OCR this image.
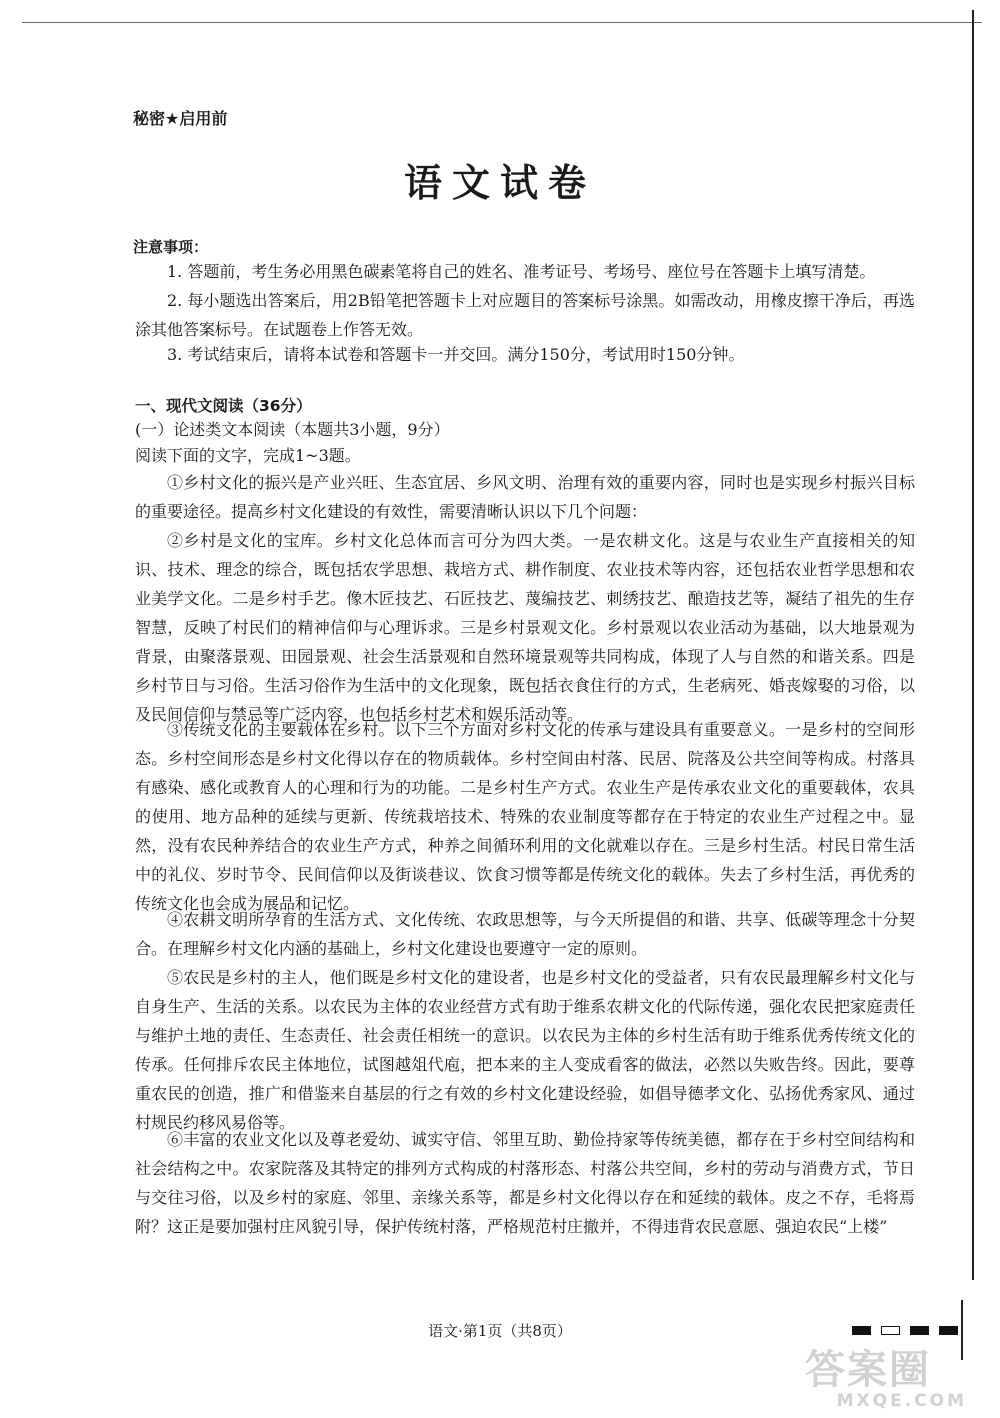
秘密★启用前
语文试卷
注意事项：

1. 答题前，考生务必用黑色碳素笔将自己的姓名、准考证号、考场号、座位号在答题卡上填写清楚。

2. 每小题选出答案后，用2B铅笔把答题卡上对应题目的答案标号涂黑。如需改动，用橡皮擦干净后，再选涂其他答案标号。在试题卷上作答无效。

3. 考试结束后，请将本试卷和答题卡一并交回。满分150分，考试用时150分钟。

一、现代文阅读（36分）
(一）论述类文本阅读（本题共3小题，9分）
阅读下面的文字，完成1~3题。

①乡村文化的振兴是产业兴旺、生态宜居、乡风文明、治理有效的重要内容，同时也是实现乡村振兴目标的重要途径。提高乡村文化建设的有效性，需要清晰认识以下几个问题：

②乡村是文化的宝库。乡村文化总体而言可分为四大类。一是农耕文化。这是与农业生产直接相关的知识、技术、理念的综合，既包括农学思想、栽培方式、耕作制度、农业技术等内容，还包括农业哲学思想和农业美学文化。二是乡村手艺。像木匠技艺、石匠技艺、蔑编技艺、刺绣技艺、酿造技艺等，凝结了祖先的生存智慧，反映了村民们的精神信仰与心理诉求。三是乡村景观文化。乡村景观以农业活动为基础，以大地景观为背景，由聚落景观、田园景观、社会生活景观和自然环境景观等共同构成，体现了人与自然的和谐关系。四是乡村节日与习俗。生活习俗作为生活中的文化现象，既包括衣食住行的方式，生老病死、婚丧嫁娶的习俗，以及民间信仰与禁忌等广泛内容，也包括乡村艺术和娱乐活动等。

③传统文化的主要载体在乡村。以下三个方面对乡村文化的传承与建设具有重要意义。一是乡村的空间形态。乡村空间形态是乡村文化得以存在的物质载体。乡村空间由村落、民居、院落及公共空间等构成。村落具有感染、感化或教育人的心理和行为的功能。二是乡村生产方式。农业生产是传承农业文化的重要载体，农具的使用、地方品种的延续与更新、传统栽培技术、特殊的农业制度等都存在于特定的农业生产过程之中。显然，没有农民种养结合的农业生产方式，种养之间循环利用的文化就难以存在。三是乡村生活。村民日常生活中的礼仪、岁时节令、民间信仰以及街谈巷议、饮食习惯等都是传统文化的载体。失去了乡村生活，再优秀的传统文化也会成为展品和记忆。

④农耕文明所孕育的生活方式、文化传统、农政思想等，与今天所提倡的和谐、共享、低碳等理念十分契合。在理解乡村文化内涵的基础上，乡村文化建设也要遵守一定的原则。

⑤农民是乡村的主人，他们既是乡村文化的建设者，也是乡村文化的受益者，只有农民最理解乡村文化与自身生产、生活的关系。以农民为主体的农业经营方式有助于维系农耕文化的代际传递，强化农民把家庭责任与维护土地的责任、生态责任、社会责任相统一的意识。以农民为主体的乡村生活有助于维系优秀传统文化的传承。任何排斥农民主体地位，试图越俎代庖，把本来的主人变成看客的做法，必然以失败告终。因此，要尊重农民的创造，推广和借鉴来自基层的行之有效的乡村文化建设经验，如倡导德孝文化、弘扬优秀家风、通过村规民约移风易俗等。

⑥丰富的农业文化以及尊老爱幼、诚实守信、邻里互助、勤俭持家等传统美德，都存在于乡村空间结构和社会结构之中。农家院落及其特定的排列方式构成的村落形态、村落公共空间，乡村的劳动与消费方式，节日与交往习俗，以及乡村的家庭、邻里、亲缘关系等，都是乡村文化得以存在和延续的载体。皮之不存，毛将焉附？这正是要加强村庄风貌引导，保护传统村落，严格规范村庄撤并，不得违背农民意愿、强迫农民“上楼”

语文·第1页（共8页）
答案圈
MXQE.COM
